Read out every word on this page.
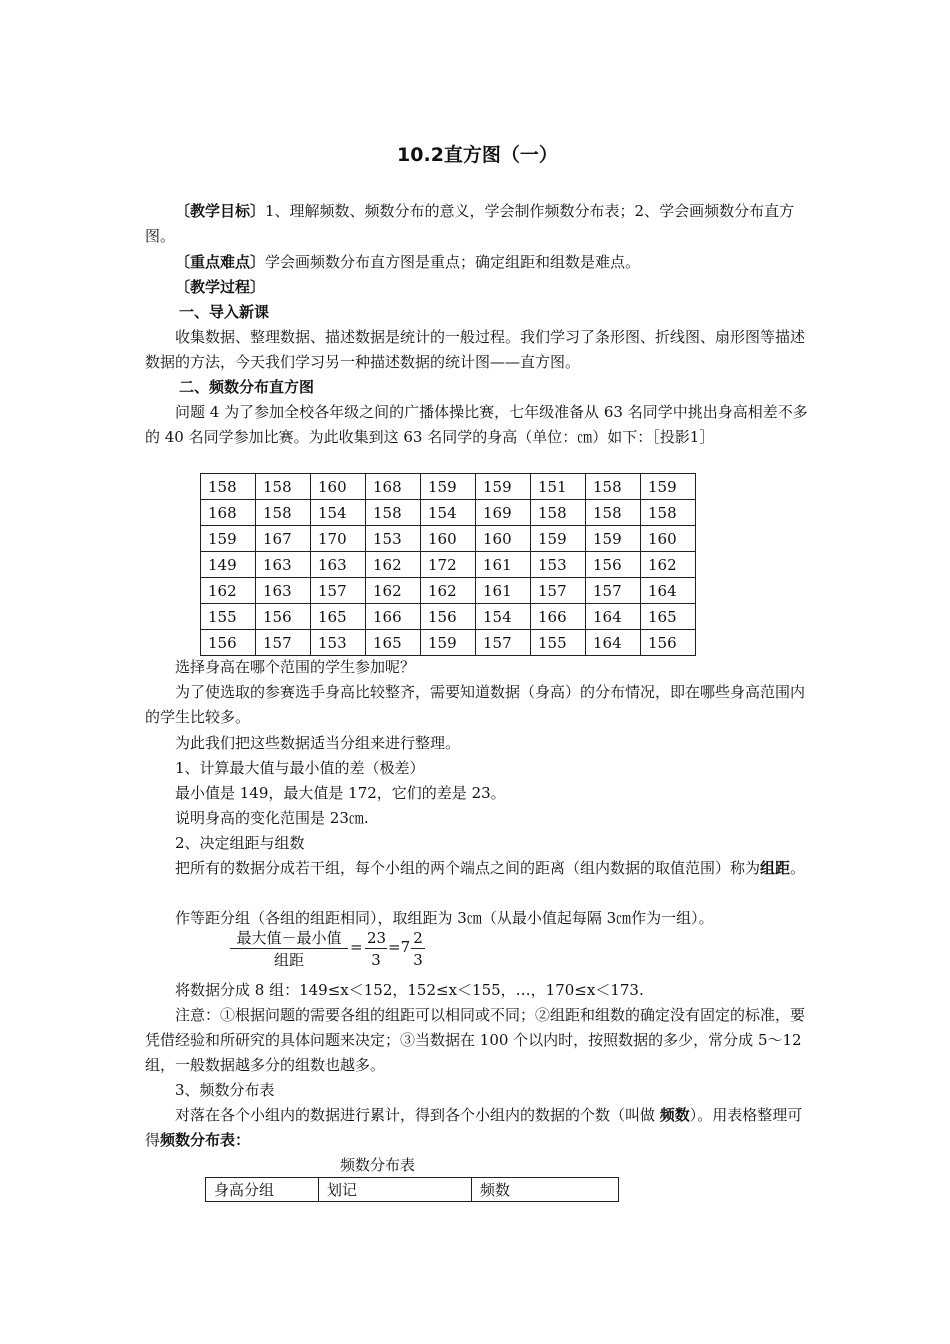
10.2直方图（一）

〔教学目标〕1、理解频数、频数分布的意义，学会制作频数分布表；2、学会画频数分布直方图。

〔重点难点〕学会画频数分布直方图是重点；确定组距和组数是难点。

〔教学过程〕

一、导入新课

收集数据、整理数据、描述数据是统计的一般过程。我们学习了条形图、折线图、扇形图等描述数据的方法，今天我们学习另一种描述数据的统计图——直方图。

二、频数分布直方图

问题 4 为了参加全校各年级之间的广播体操比赛，七年级准备从 63 名同学中挑出身高相差不多的 40 名同学参加比赛。为此收集到这 63 名同学的身高（单位：㎝）如下：［投影1］

158	158	160	168	159	159	151	158	159
168	158	154	158	154	169	158	158	158
159	167	170	153	160	160	159	159	160
149	163	163	162	172	161	153	156	162
162	163	157	162	162	161	157	157	164
155	156	165	166	156	154	166	164	165
156	157	153	165	159	157	155	164	156

选择身高在哪个范围的学生参加呢？

为了使选取的参赛选手身高比较整齐，需要知道数据（身高）的分布情况，即在哪些身高范围内的学生比较多。

为此我们把这些数据适当分组来进行整理。

1、计算最大值与最小值的差（极差）

最小值是 149，最大值是 172，它们的差是 23。

说明身高的变化范围是 23㎝.

2、决定组距与组数

把所有的数据分成若干组，每个小组的两个端点之间的距离（组内数据的取值范围）称为组距。

作等距分组（各组的组距相同），取组距为 3㎝（从最小值起每隔 3㎝作为一组）。

最大值－最小值
组距
= $\frac{23}{3} =7 \frac{2}{3}$

将数据分成 8 组：149≤x＜152，152≤x＜155，…，170≤x＜173.

注意：①根据问题的需要各组的组距可以相同或不同；②组距和组数的确定没有固定的标准，要凭借经验和所研究的具体问题来决定；③当数据在 100 个以内时，按照数据的多少，常分成 5～12 组，一般数据越多分的组数也越多。

3、频数分布表

对落在各个小组内的数据进行累计，得到各个小组内的数据的个数（叫做 频数）。用表格整理可得频数分布表：

频数分布表
身高分组	划记	频数
